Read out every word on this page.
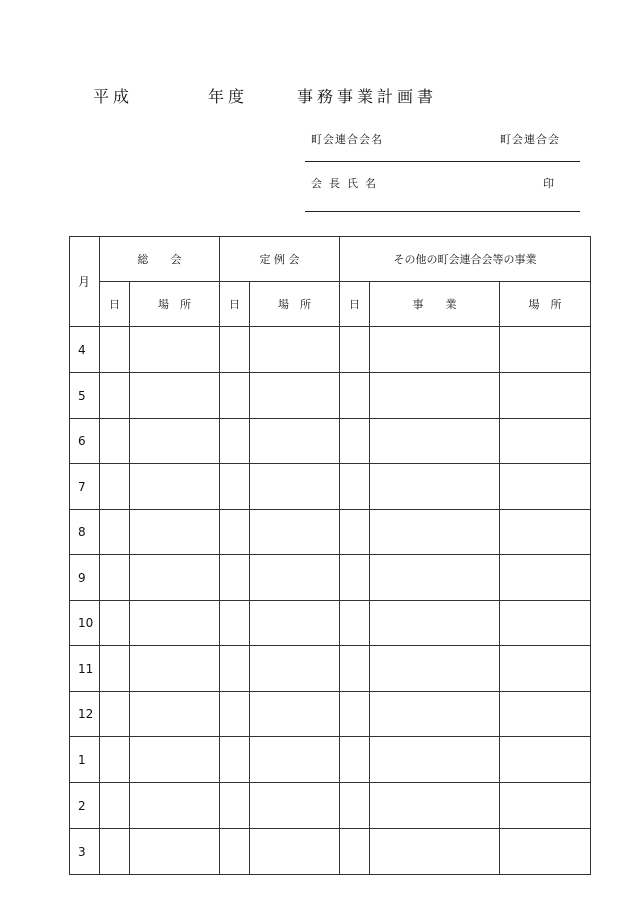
平成	年度	事務事業計画書
町会連合会名	町会連合会
会長氏名	印
月	総　　会		定 例 会		その他の町会連合会等の事業		
	日	場　所	日	場　所	日	事　　業	場　所
4							
5							
6							
7							
8							
9							
10							
11							
12							
1							
2							
3							
